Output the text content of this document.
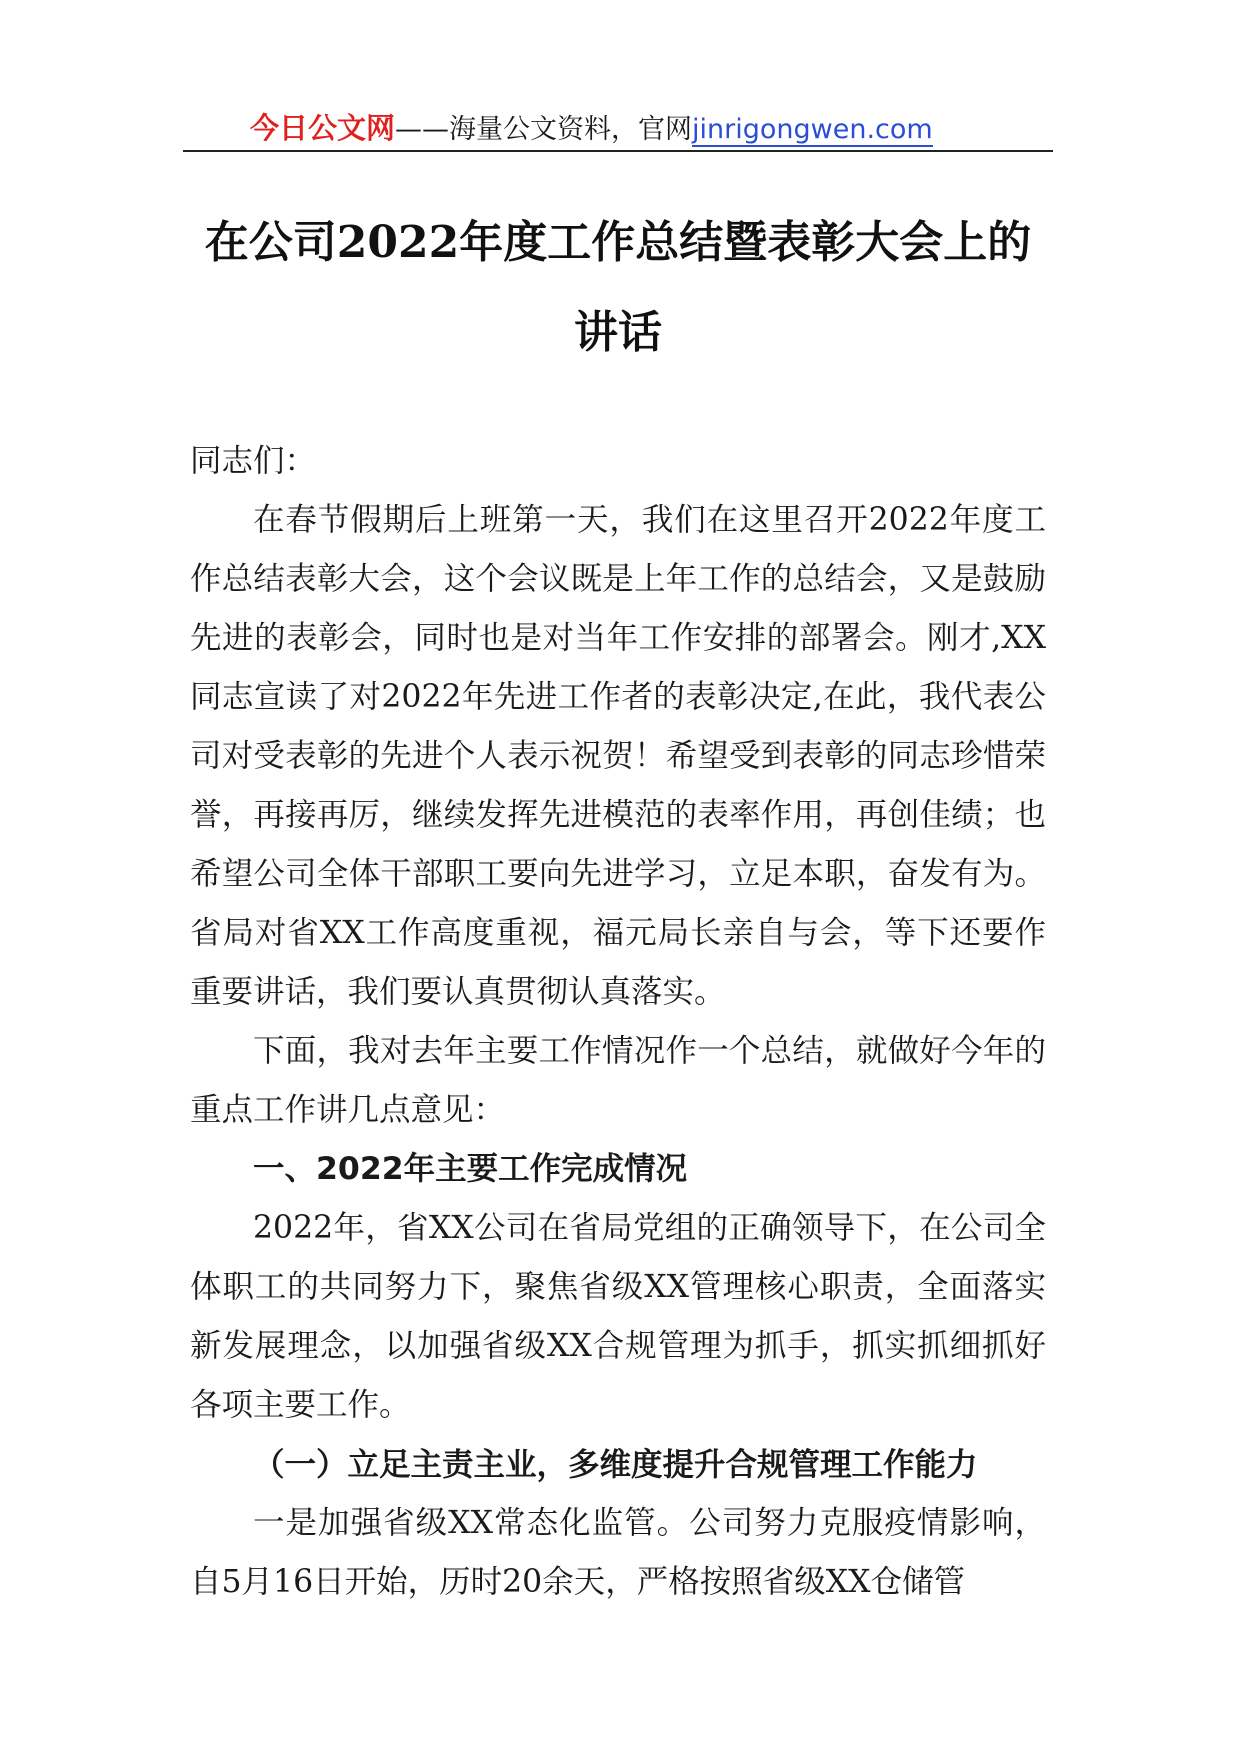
今日公文网——海量公文资料，官网jinrigongwen.com
在公司2022年度工作总结暨表彰大会上的讲话

同志们：

在春节假期后上班第一天，我们在这里召开2022年度工作总结表彰大会，这个会议既是上年工作的总结会，又是鼓励先进的表彰会，同时也是对当年工作安排的部署会。刚才,XX同志宣读了对2022年先进工作者的表彰决定,在此，我代表公司对受表彰的先进个人表示祝贺！希望受到表彰的同志珍惜荣誉，再接再厉，继续发挥先进模范的表率作用，再创佳绩；也希望公司全体干部职工要向先进学习，立足本职，奋发有为。省局对省XX工作高度重视，福元局长亲自与会，等下还要作重要讲话，我们要认真贯彻认真落实。

下面，我对去年主要工作情况作一个总结，就做好今年的重点工作讲几点意见：

一、2022年主要工作完成情况

2022年，省XX公司在省局党组的正确领导下，在公司全体职工的共同努力下，聚焦省级XX管理核心职责，全面落实新发展理念，以加强省级XX合规管理为抓手，抓实抓细抓好各项主要工作。

（一）立足主责主业，多维度提升合规管理工作能力

一是加强省级XX常态化监管。公司努力克服疫情影响，自5月16日开始，历时20余天，严格按照省级XX仓储管
